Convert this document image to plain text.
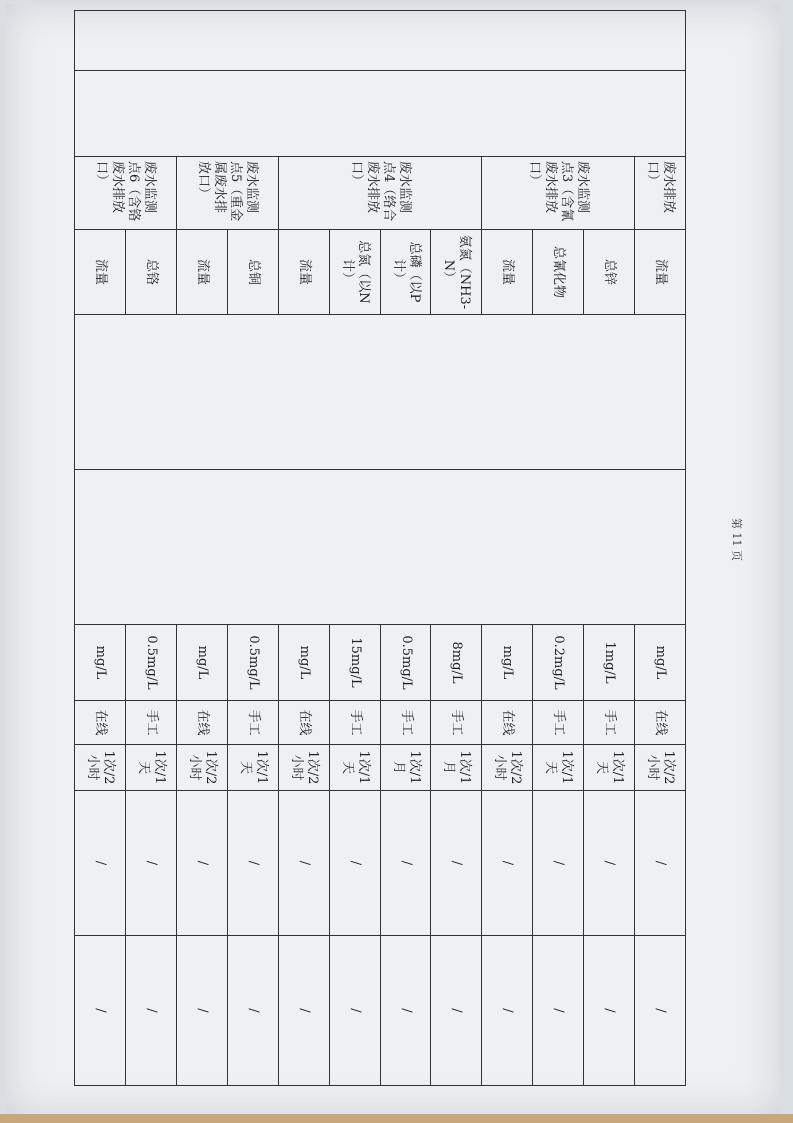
		废水排放口）	流量			mg/L	在线	1次/2小时	/	/
		废水监测点3（含氰废水排放口）	总锌			1mg/L	手工	1次/1天	/	/
			总氰化物			0.2mg/L	手工	1次/1天	/	/
			流量			mg/L	在线	1次/2小时	/	/
		废水监测点4（络合废水排放口）	氨氮（NH3-N）			8mg/L	手工	1次/1月	/	/
			总磷（以P计）			0.5mg/L	手工	1次/1月	/	/
			总氮（以N计）			15mg/L	手工	1次/1天	/	/
			流量			mg/L	在线	1次/2小时	/	/
		废水监测点5（重金属废水排放口）	总铜			0.5mg/L	手工	1次/1天	/	/
			流量			mg/L	在线	1次/2小时	/	/
		废水监测点6（含铬废水排放口）	总铬			0.5mg/L	手工	1次/1天	/	/
			流量			mg/L	在线	1次/2小时	/	/
第 11 页
